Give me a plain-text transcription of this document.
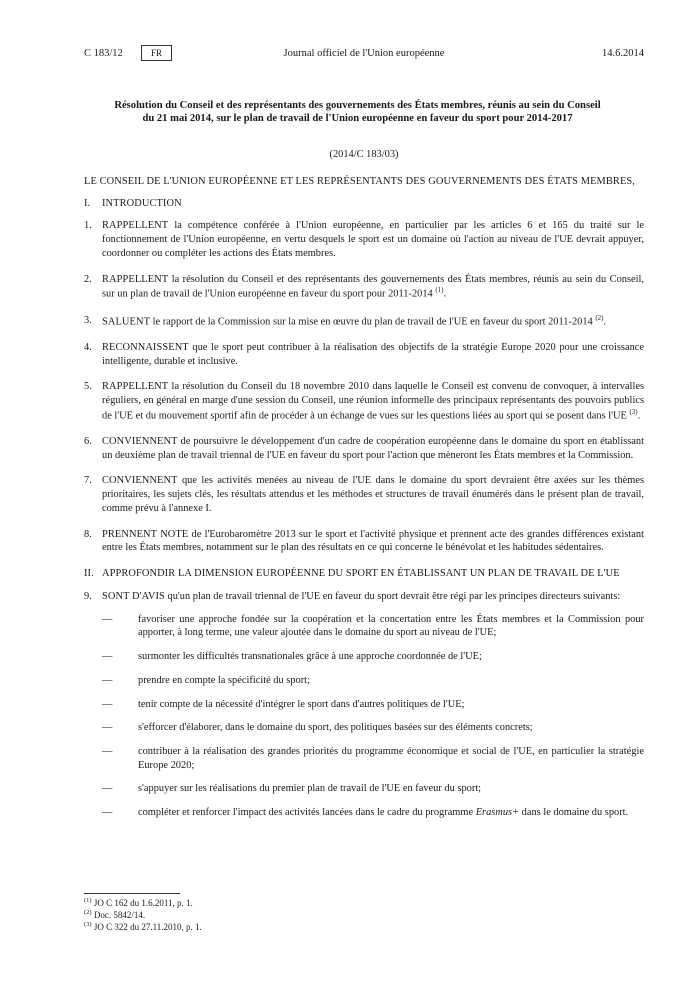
C 183/12	FR	Journal officiel de l'Union européenne	14.6.2014
Résolution du Conseil et des représentants des gouvernements des États membres, réunis au sein du Conseil du 21 mai 2014, sur le plan de travail de l'Union européenne en faveur du sport pour 2014-2017
(2014/C 183/03)

LE CONSEIL DE L'UNION EUROPÉENNE ET LES REPRÉSENTANTS DES GOUVERNEMENTS DES ÉTATS MEMBRES,

I. INTRODUCTION
1. RAPPELLENT la compétence conférée à l'Union européenne, en particulier par les articles 6 et 165 du traité sur le fonctionnement de l'Union européenne, en vertu desquels le sport est un domaine où l'action au niveau de l'UE devrait appuyer, coordonner ou compléter les actions des États membres.
2. RAPPELLENT la résolution du Conseil et des représentants des gouvernements des États membres, réunis au sein du Conseil, sur un plan de travail de l'Union européenne en faveur du sport pour 2011-2014 $^{(1)}$.
3. SALUENT le rapport de la Commission sur la mise en œuvre du plan de travail de l'UE en faveur du sport 2011-2014 $^{(2)}$.
4. RECONNAISSENT que le sport peut contribuer à la réalisation des objectifs de la stratégie Europe 2020 pour une croissance intelligente, durable et inclusive.
5. RAPPELLENT la résolution du Conseil du 18 novembre 2010 dans laquelle le Conseil est convenu de convoquer, à intervalles réguliers, en général en marge d'une session du Conseil, une réunion informelle des principaux représentants des pouvoirs publics de l'UE et du mouvement sportif afin de procéder à un échange de vues sur les questions liées au sport qui se posent dans l'UE $^{(3)}$.
6. CONVIENNENT de poursuivre le développement d'un cadre de coopération européenne dans le domaine du sport en établissant un deuxième plan de travail triennal de l'UE en faveur du sport pour l'action que mèneront les États membres et la Commission.
7. CONVIENNENT que les activités menées au niveau de l'UE dans le domaine du sport devraient être axées sur les thèmes prioritaires, les sujets clés, les résultats attendus et les méthodes et structures de travail énumérés dans le présent plan de travail, comme prévu à l'annexe I.
8. PRENNENT NOTE de l'Eurobaromètre 2013 sur le sport et l'activité physique et prennent acte des grandes différences existant entre les États membres, notamment sur le plan des résultats en ce qui concerne le bénévolat et les habitudes sédentaires.
II. APPROFONDIR LA DIMENSION EUROPÉENNE DU SPORT EN ÉTABLISSANT UN PLAN DE TRAVAIL DE L'UE
9. SONT D'AVIS qu'un plan de travail triennal de l'UE en faveur du sport devrait être régi par les principes directeurs suivants:
— favoriser une approche fondée sur la coopération et la concertation entre les États membres et la Commission pour apporter, à long terme, une valeur ajoutée dans le domaine du sport au niveau de l'UE;
— surmonter les difficultés transnationales grâce à une approche coordonnée de l'UE;
— prendre en compte la spécificité du sport;
— tenir compte de la nécessité d'intégrer le sport dans d'autres politiques de l'UE;
— s'efforcer d'élaborer, dans le domaine du sport, des politiques basées sur des éléments concrets;
— contribuer à la réalisation des grandes priorités du programme économique et social de l'UE, en particulier la stratégie Europe 2020;
— s'appuyer sur les réalisations du premier plan de travail de l'UE en faveur du sport;
— compléter et renforcer l'impact des activités lancées dans le cadre du programme Erasmus+ dans le domaine du sport.

$^{(1)}$ JO C 162 du 1.6.2011, p. 1.

$^{(2)}$ Doc. 5842/14.

$^{(3)}$ JO C 322 du 27.11.2010, p. 1.
